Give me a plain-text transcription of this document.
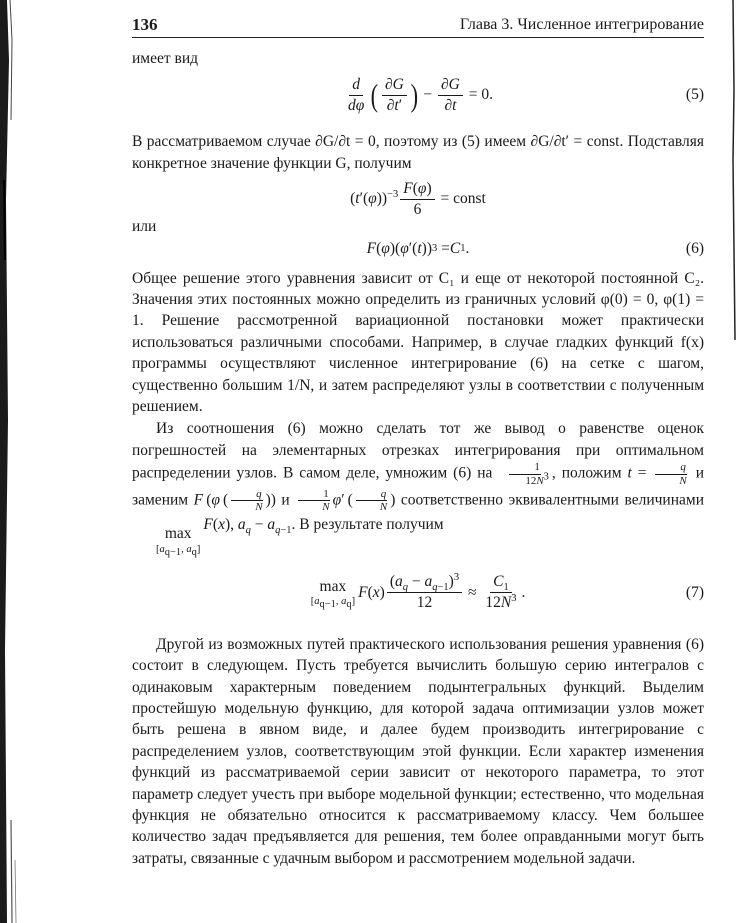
136	Глава 3. Численное интегрирование

имеет вид

$\frac{d}{d\varphi}$ ( $\frac{\partial G}{\partial t'}$ ) − $\frac{\partial G}{\partial t} = 0$.	(5)

В рассматриваемом случае ∂G/∂t = 0, поэтому из (5) имеем ∂G/∂t′ = const. Подставляя конкретное значение функции G, получим

$(t'(\varphi))^{-3} \frac{F(\varphi)}{6}$ = const

или

F ( φ )( φ ′( t )) 3 = C 1 .	(6)

Общее решение этого уравнения зависит от C₁ и еще от некоторой постоянной C₂. Значения этих постоянных можно определить из граничных условий φ(0) = 0, φ(1) = 1. Решение рассмотренной вариационной постановки может практически использоваться различными способами. Например, в случае гладких функций f(x) программы осуществляют численное интегрирование (6) на сетке с шагом, существенно большим 1/N, и затем распределяют узлы в соответствии с полученным решением.

Из соотношения (6) можно сделать тот же вывод о равенстве оценок погрешностей на элементарных отрезках интегрирования при оптимальном распределении узлов. В самом деле, умножим (6) на $\frac{1}{12N^3}$ , положим $t = \frac{q}{N}$ и заменим F (φ ( $\frac{q}{N}$ )) и $\frac{1}{N} \varphi'$ ( $\frac{q}{N}$ ) соответственно эквивалентными величинами
max
[$a_{q-1}$, $a_q$]
F(x), $a_q - a_{q-1}$. В результате получим

max
[$a_{q-1}$, $a_q$]
$F(x) \frac{(a_q - a_{q-1})^3}{12} \approx \frac{C_1}{12N^3}$ .	(7)

Другой из возможных путей практического использования решения уравнения (6) состоит в следующем. Пусть требуется вычислить большую серию интегралов с одинаковым характерным поведением подынтегральных функций. Выделим простейшую модельную функцию, для которой задача оптимизации узлов может быть решена в явном виде, и далее будем производить интегрирование с распределением узлов, соответствующим этой функции. Если характер изменения функций из рассматриваемой серии зависит от некоторого параметра, то этот параметр следует учесть при выборе модельной функции; естественно, что модельная функция не обязательно относится к рассматриваемому классу. Чем большее количество задач предъявляется для решения, тем более оправданными могут быть затраты, связанные с удачным выбором и рассмотрением модельной задачи.
